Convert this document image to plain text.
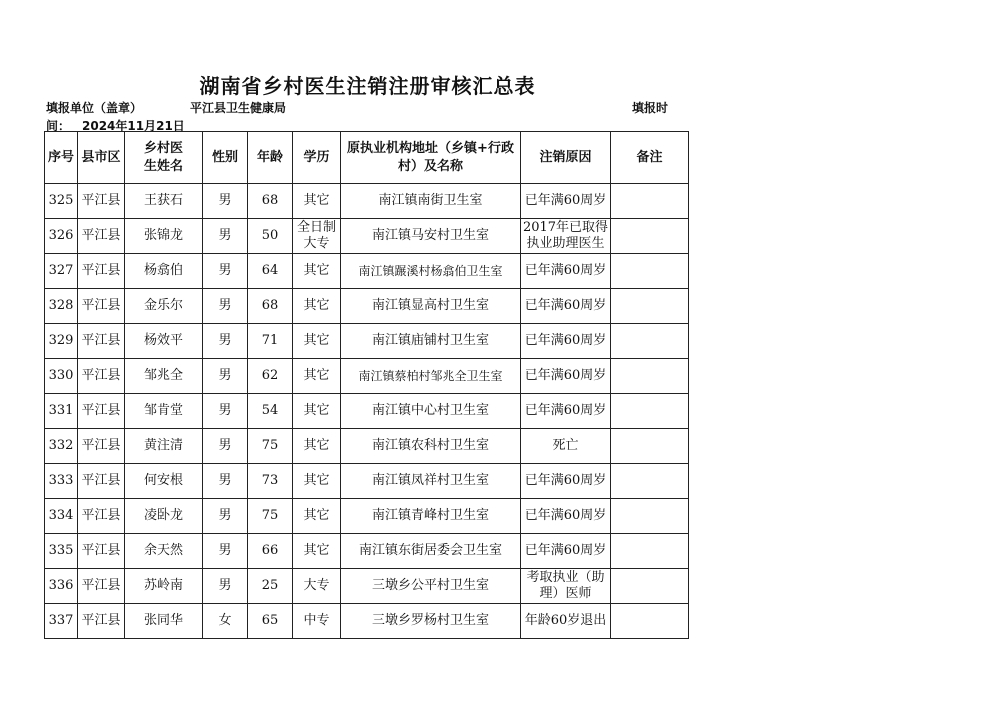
湖南省乡村医生注销注册审核汇总表
填报单位（盖章）	平江县卫生健康局	填报时
间： 2024年11月21日
序号	县市区	乡村医生姓名	性别	年龄	学历	原执业机构地址（乡镇+行政村）及名称	注销原因	备注
325	平江县	王获石	男	68	其它	南江镇南街卫生室	已年满60周岁	
326	平江县	张锦龙	男	50	全日制大专	南江镇马安村卫生室	2017年已取得执业助理医生	
327	平江县	杨翕伯	男	64	其它	南江镇蹍溪村杨翕伯卫生室	已年满60周岁	
328	平江县	金乐尔	男	68	其它	南江镇显高村卫生室	已年满60周岁	
329	平江县	杨效平	男	71	其它	南江镇庙铺村卫生室	已年满60周岁	
330	平江县	邹兆全	男	62	其它	南江镇蔡柏村邹兆全卫生室	已年满60周岁	
331	平江县	邹肯堂	男	54	其它	南江镇中心村卫生室	已年满60周岁	
332	平江县	黄注清	男	75	其它	南江镇农科村卫生室	死亡	
333	平江县	何安根	男	73	其它	南江镇凤祥村卫生室	已年满60周岁	
334	平江县	凌卧龙	男	75	其它	南江镇青峰村卫生室	已年满60周岁	
335	平江县	余天然	男	66	其它	南江镇东街居委会卫生室	已年满60周岁	
336	平江县	苏岭南	男	25	大专	三墩乡公平村卫生室	考取执业（助理）医师	
337	平江县	张同华	女	65	中专	三墩乡罗杨村卫生室	年龄60岁退出	
